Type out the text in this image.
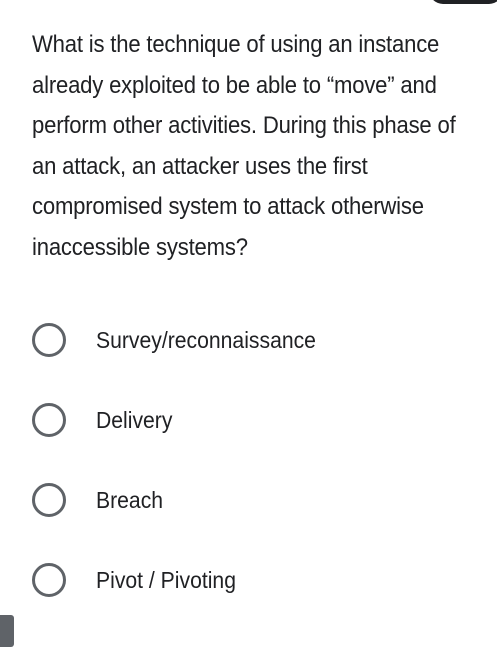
What is the technique of using an instance already exploited to be able to “move” and perform other activities. During this phase of an attack, an attacker uses the first compromised system to attack otherwise inaccessible systems?
Survey/reconnaissance
Delivery
Breach
Pivot / Pivoting
